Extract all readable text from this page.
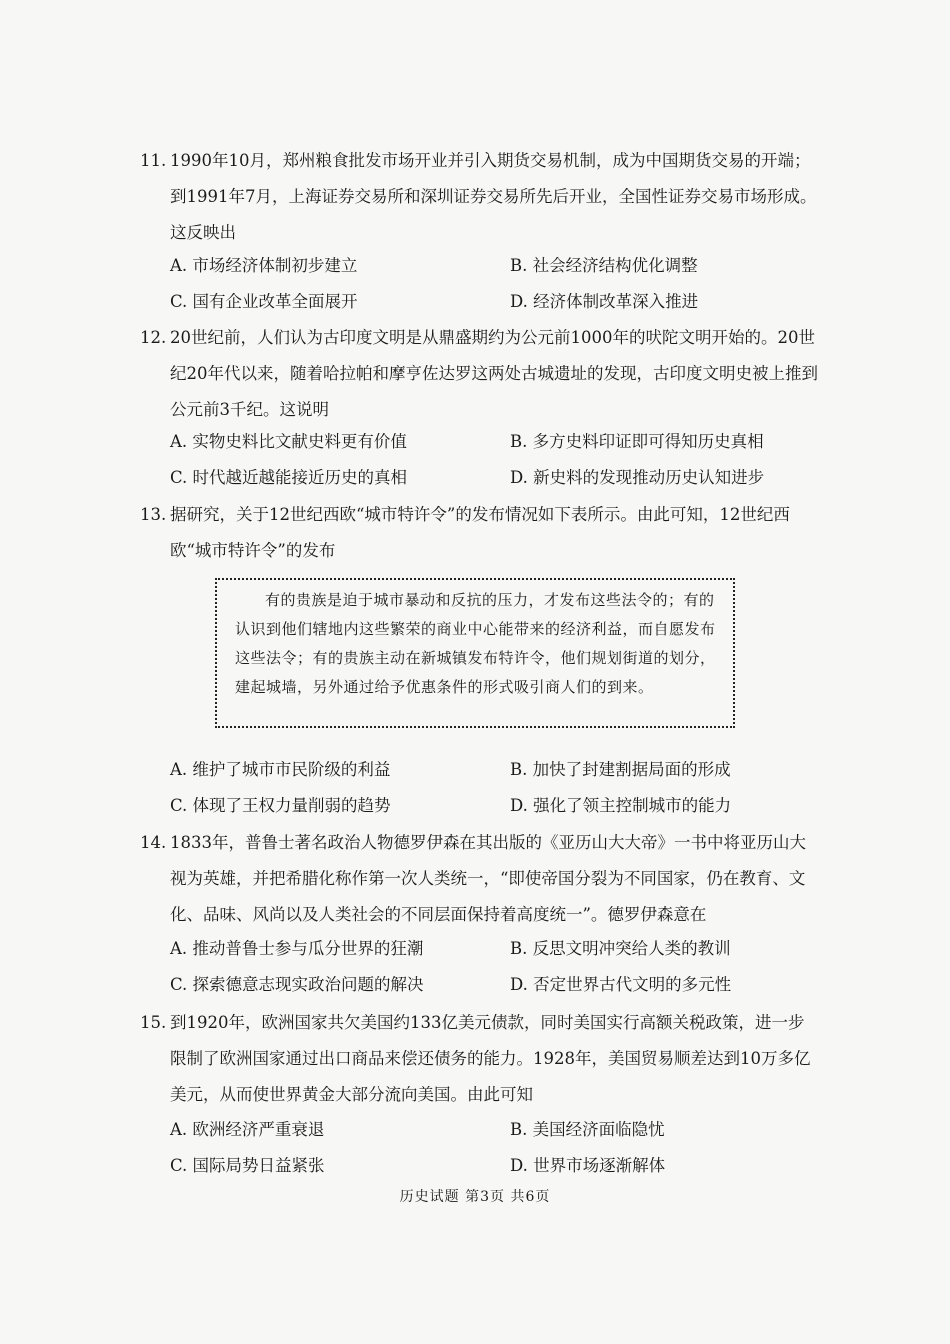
11. 1990年10月，郑州粮食批发市场开业并引入期货交易机制，成为中国期货交易的开端；到1991年7月，上海证券交易所和深圳证券交易所先后开业，全国性证券交易市场形成。这反映出
A. 市场经济体制初步建立	B. 社会经济结构优化调整
C. 国有企业改革全面展开	D. 经济体制改革深入推进
12. 20世纪前，人们认为古印度文明是从鼎盛期约为公元前1000年的吠陀文明开始的。20世纪20年代以来，随着哈拉帕和摩亨佐达罗这两处古城遗址的发现，古印度文明史被上推到公元前3千纪。这说明
A. 实物史料比文献史料更有价值	B. 多方史料印证即可得知历史真相
C. 时代越近越能接近历史的真相	D. 新史料的发现推动历史认知进步
13. 据研究，关于12世纪西欧“城市特许令”的发布情况如下表所示。由此可知，12世纪西欧“城市特许令”的发布

有的贵族是迫于城市暴动和反抗的压力，才发布这些法令的；有的认识到他们辖地内这些繁荣的商业中心能带来的经济利益，而自愿发布这些法令；有的贵族主动在新城镇发布特许令，他们规划街道的划分，建起城墙，另外通过给予优惠条件的形式吸引商人们的到来。

A. 维护了城市市民阶级的利益	B. 加快了封建割据局面的形成
C. 体现了王权力量削弱的趋势	D. 强化了领主控制城市的能力
14. 1833年，普鲁士著名政治人物德罗伊森在其出版的《亚历山大大帝》一书中将亚历山大视为英雄，并把希腊化称作第一次人类统一，“即使帝国分裂为不同国家，仍在教育、文化、品味、风尚以及人类社会的不同层面保持着高度统一”。德罗伊森意在
A. 推动普鲁士参与瓜分世界的狂潮	B. 反思文明冲突给人类的教训
C. 探索德意志现实政治问题的解决	D. 否定世界古代文明的多元性
15. 到1920年，欧洲国家共欠美国约133亿美元债款，同时美国实行高额关税政策，进一步限制了欧洲国家通过出口商品来偿还债务的能力。1928年，美国贸易顺差达到10万多亿美元，从而使世界黄金大部分流向美国。由此可知
A. 欧洲经济严重衰退	B. 美国经济面临隐忧
C. 国际局势日益紧张	D. 世界市场逐渐解体
历史试题 第3页 共6页
